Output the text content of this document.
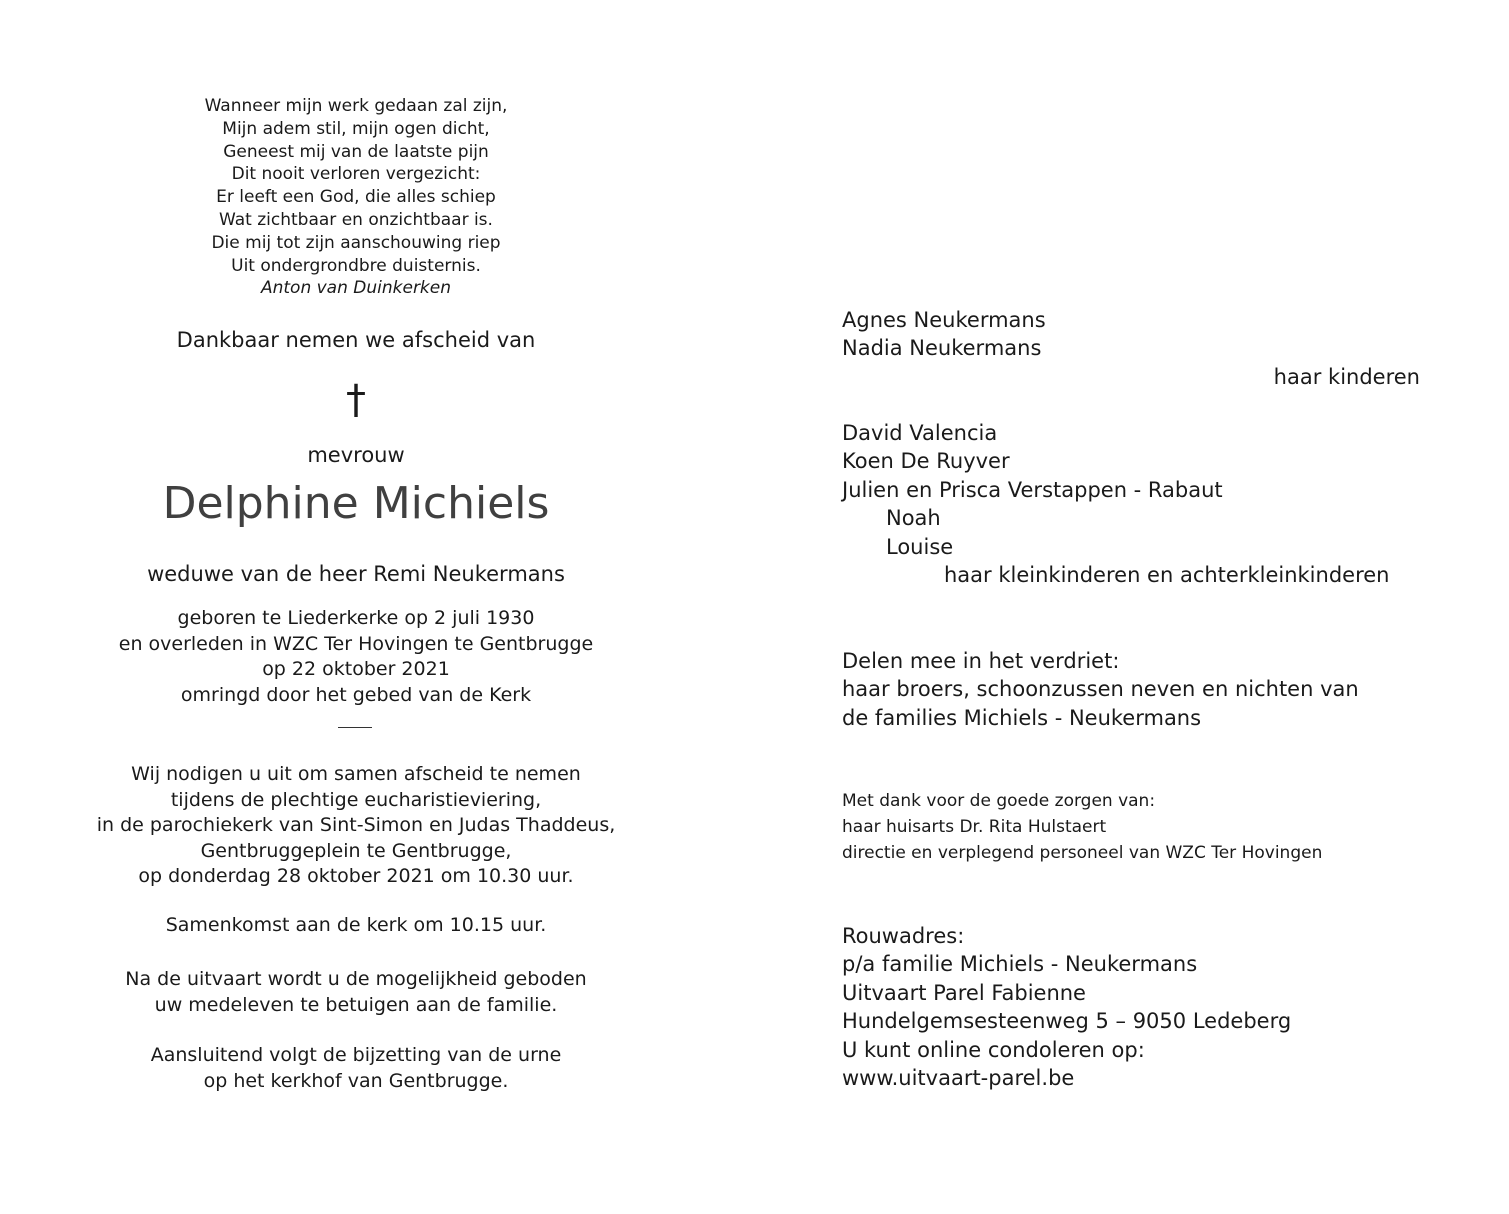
Wanneer mijn werk gedaan zal zijn,
Mijn adem stil, mijn ogen dicht,
Geneest mij van de laatste pijn
Dit nooit verloren vergezicht:
Er leeft een God, die alles schiep
Wat zichtbaar en onzichtbaar is.
Die mij tot zijn aanschouwing riep
Uit ondergrondbre duisternis.
Anton van Duinkerken
Dankbaar nemen we afscheid van
†
mevrouw
Delphine Michiels
weduwe van de heer Remi Neukermans
geboren te Liederkerke op 2 juli 1930
en overleden in WZC Ter Hovingen te Gentbrugge
op 22 oktober 2021
omringd door het gebed van de Kerk
Wij nodigen u uit om samen afscheid te nemen
tijdens de plechtige eucharistieviering,
in de parochiekerk van Sint-Simon en Judas Thaddeus,
Gentbruggeplein te Gentbrugge,
op donderdag 28 oktober 2021 om 10.30 uur.
Samenkomst aan de kerk om 10.15 uur.
Na de uitvaart wordt u de mogelijkheid geboden
uw medeleven te betuigen aan de familie.
Aansluitend volgt de bijzetting van de urne
op het kerkhof van Gentbrugge.
Agnes Neukermans
Nadia Neukermans
haar kinderen
David Valencia
Koen De Ruyver
Julien en Prisca Verstappen - Rabaut
Noah
Louise
haar kleinkinderen en achterkleinkinderen
Delen mee in het verdriet:
haar broers, schoonzussen neven en nichten van
de families Michiels - Neukermans
Met dank voor de goede zorgen van:
haar huisarts Dr. Rita Hulstaert
directie en verplegend personeel van WZC Ter Hovingen
Rouwadres:
p/a familie Michiels - Neukermans
Uitvaart Parel Fabienne
Hundelgemsesteenweg 5 – 9050 Ledeberg
U kunt online condoleren op:
www.uitvaart-parel.be
